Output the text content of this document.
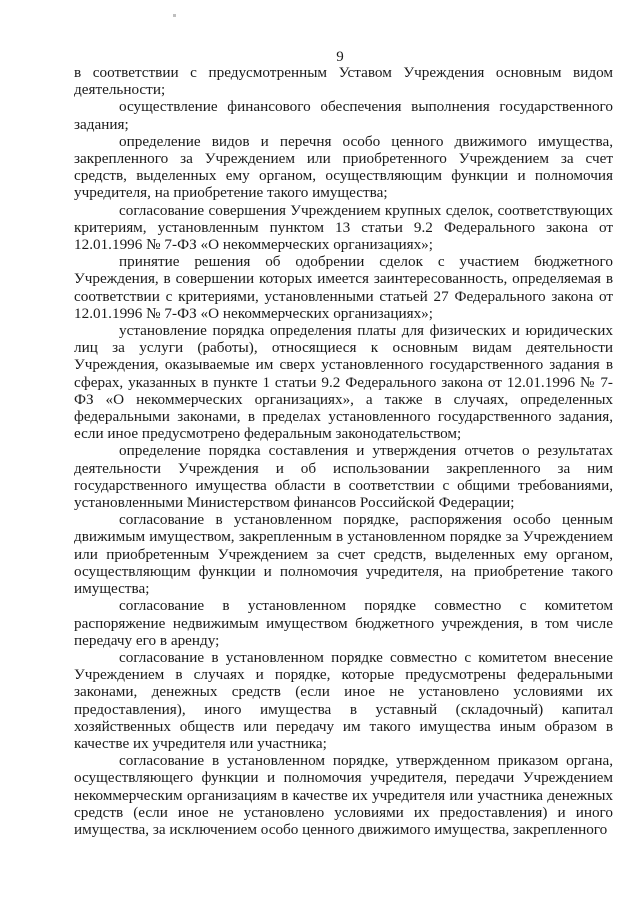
9

в соответствии с предусмотренным Уставом Учреждения основным видом деятельности;

осуществление финансового обеспечения выполнения государственного задания;

определение видов и перечня особо ценного движимого имущества, закрепленного за Учреждением или приобретенного Учреждением за счет средств, выделенных ему органом, осуществляющим функции и полномочия учредителя, на приобретение такого имущества;

согласование совершения Учреждением крупных сделок, соответствующих критериям, установленным пунктом 13 статьи 9.2 Федерального закона от 12.01.1996 № 7-ФЗ «О некоммерческих организациях»;

принятие решения об одобрении сделок с участием бюджетного Учреждения, в совершении которых имеется заинтересованность, определяемая в соответствии с критериями, установленными статьей 27 Федерального закона от 12.01.1996 № 7-ФЗ «О некоммерческих организациях»;

установление порядка определения платы для физических и юридических лиц за услуги (работы), относящиеся к основным видам деятельности Учреждения, оказываемые им сверх установленного государственного задания в сферах, указанных в пункте 1 статьи 9.2 Федерального закона от 12.01.1996 № 7-ФЗ «О некоммерческих организациях», а также в случаях, определенных федеральными законами, в пределах установленного государственного задания, если иное предусмотрено федеральным законодательством;

определение порядка составления и утверждения отчетов о результатах деятельности Учреждения и об использовании закрепленного за ним государственного имущества области в соответствии с общими требованиями, установленными Министерством финансов Российской Федерации;

согласование в установленном порядке, распоряжения особо ценным движимым имуществом, закрепленным в установленном порядке за Учреждением или приобретенным Учреждением за счет средств, выделенных ему органом, осуществляющим функции и полномочия учредителя, на приобретение такого имущества;

согласование в установленном порядке совместно с комитетом распоряжение недвижимым имуществом бюджетного учреждения, в том числе передачу его в аренду;

согласование в установленном порядке совместно с комитетом внесение Учреждением в случаях и порядке, которые предусмотрены федеральными законами, денежных средств (если иное не установлено условиями их предоставления), иного имущества в уставный (складочный) капитал хозяйственных обществ или передачу им такого имущества иным образом в качестве их учредителя или участника;

согласование в установленном порядке, утвержденном приказом органа, осуществляющего функции и полномочия учредителя, передачи Учреждением некоммерческим организациям в качестве их учредителя или участника денежных средств (если иное не установлено условиями их предоставления) и иного имущества, за исключением особо ценного движимого имущества, закрепленного
